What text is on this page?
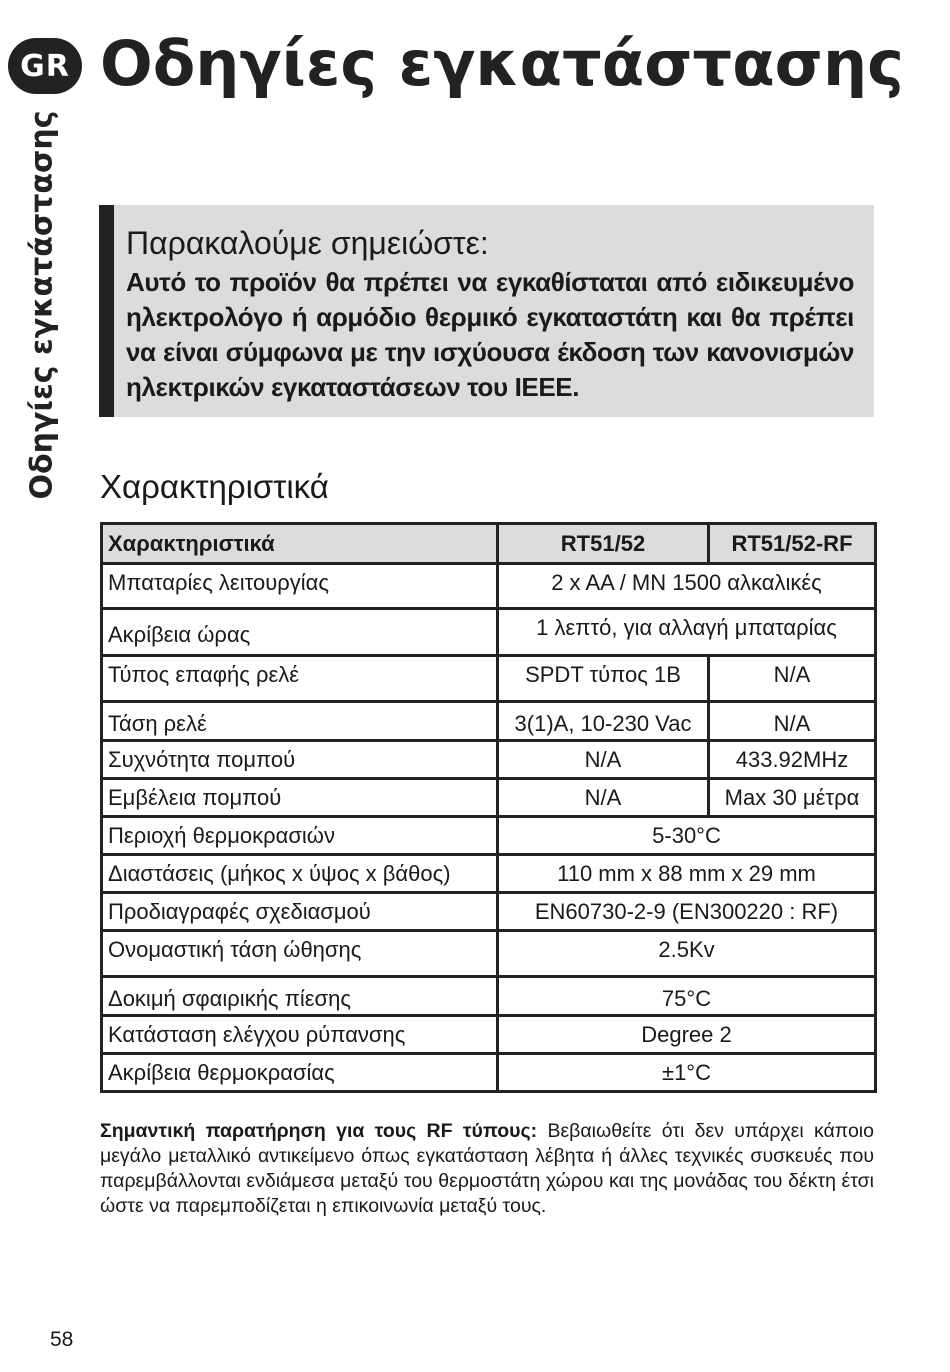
GR Οδηγίες εγκατάστασης
Οδηγίες εγκατάστασης Παρακαλούμε σημειώστε:
Αυτό το προϊόν θα πρέπει να εγκαθίσταται από ειδικευμένο ηλεκτρολόγο ή αρμόδιο θερμικό εγκαταστάτη και θα πρέπει να είναι σύμφωνα με την ισχύουσα έκδοση των κανονισμών ηλεκτρικών εγκαταστάσεων του IEEE.
Χαρακτηριστικά
Χαρακτηριστικά	RT51/52	RT51/52-RF
Μπαταρίες λειτουργίας	2 x AA / MN 1500 αλκαλικές	
Ακρίβεια ώρας	1 λεπτό, για αλλαγή μπαταρίας	
Τύπος επαφής ρελέ	SPDT τύπος 1B	N/A
Τάση ρελέ	3(1)A, 10-230 Vac	N/A
Συχνότητα πομπού	N/A	433.92MHz
Εμβέλεια πομπού	N/A	Max 30 μέτρα
Περιοχή θερμοκρασιών	5-30°C	
Διαστάσεις (μήκος x ύψος x βάθος)	110 mm x 88 mm x 29 mm	
Προδιαγραφές σχεδιασμού	EN60730-2-9 (EN300220 : RF)	
Ονομαστική τάση ώθησης	2.5Kv	
Δοκιμή σφαιρικής πίεσης	75°C	
Κατάσταση ελέγχου ρύπανσης	Degree 2	
Ακρίβεια θερμοκρασίας	±1°C	

Σημαντική παρατήρηση για τους RF τύπους: Βεβαιωθείτε ότι δεν υπάρχει κάποιο μεγάλο μεταλλικό αντικείμενο όπως εγκατάσταση λέβητα ή άλλες τεχνικές συσκευές που παρεμβάλλονται ενδιάμεσα μεταξύ του θερμοστάτη χώρου και της μονάδας του δέκτη έτσι ώστε να παρεμποδίζεται η επικοινωνία μεταξύ τους.

58
